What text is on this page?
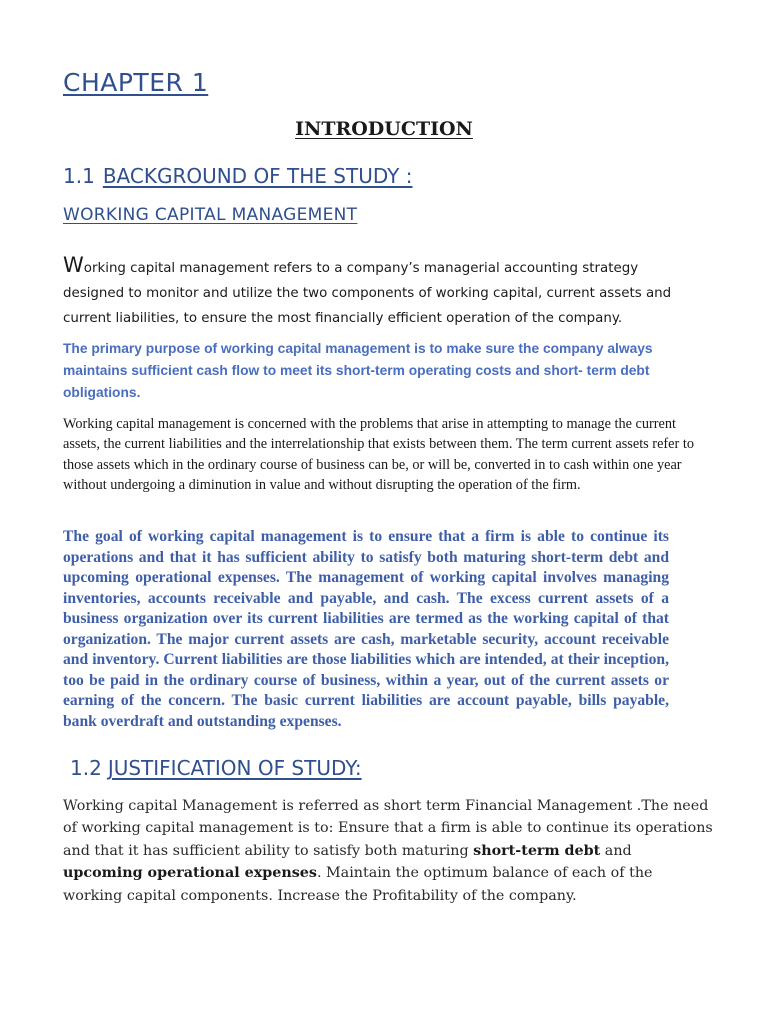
CHAPTER 1
INTRODUCTION
1.1 BACKGROUND OF THE STUDY :
WORKING CAPITAL MANAGEMENT
Working capital management refers to a company’s managerial accounting strategy designed to monitor and utilize the two components of working capital, current assets and current liabilities, to ensure the most financially efficient operation of the company.
The primary purpose of working capital management is to make sure the company always maintains sufficient cash flow to meet its short-term operating costs and short- term debt obligations.
Working capital management is concerned with the problems that arise in attempting to manage the current assets, the current liabilities and the interrelationship that exists between them. The term current assets refer to those assets which in the ordinary course of business can be, or will be, converted in to cash within one year without undergoing a diminution in value and without disrupting the operation of the firm.
The goal of working capital management is to ensure that a firm is able to continue its operations and that it has sufficient ability to satisfy both maturing short-term debt and upcoming operational expenses. The management of working capital involves managing inventories, accounts receivable and payable, and cash. The excess current assets of a business organization over its current liabilities are termed as the working capital of that organization. The major current assets are cash, marketable security, account receivable and inventory. Current liabilities are those liabilities which are intended, at their inception, too be paid in the ordinary course of business, within a year, out of the current assets or earning of the concern. The basic current liabilities are account payable, bills payable, bank overdraft and outstanding expenses.
1.2 JUSTIFICATION OF STUDY:
Working capital Management is referred as short term Financial Management .The need of working capital management is to: Ensure that a firm is able to continue its operations and that it has sufficient ability to satisfy both maturing short-term debt and upcoming operational expenses. Maintain the optimum balance of each of the working capital components. Increase the Profitability of the company.
